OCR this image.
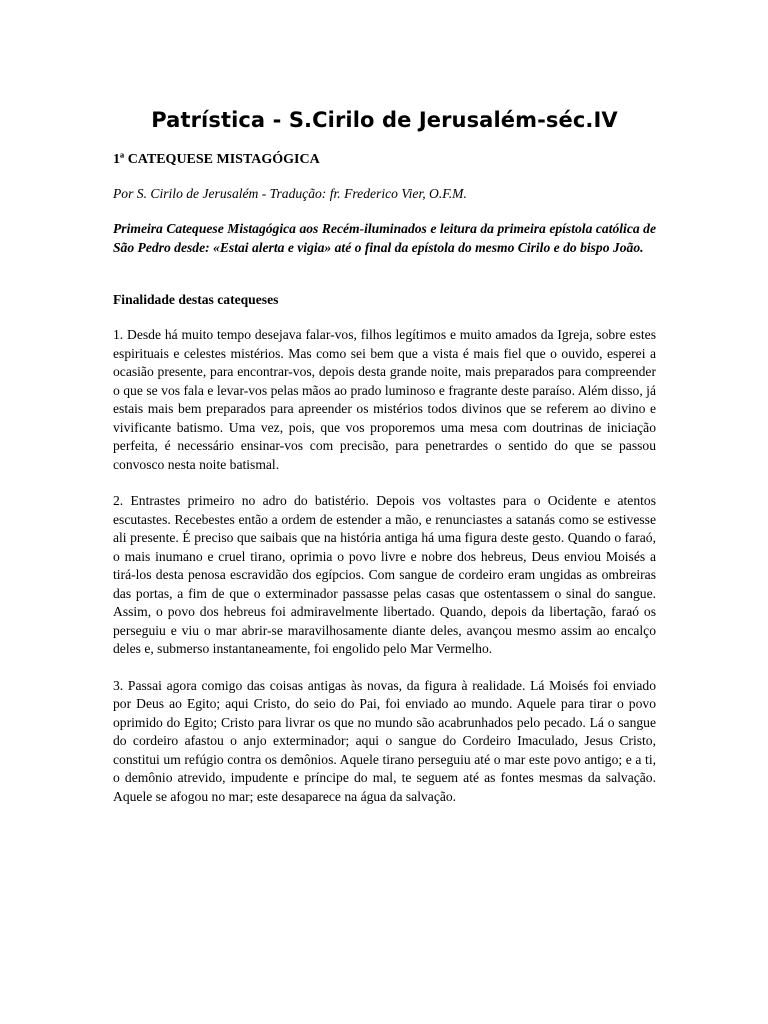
Patrística - S.Cirilo de Jerusalém-séc.IV
1ª CATEQUESE MISTAGÓGICA
Por S. Cirilo de Jerusalém - Tradução: fr. Frederico Vier, O.F.M.
Primeira Catequese Mistagógica aos Recém-iluminados e leitura da primeira epístola católica de São Pedro desde: «Estai alerta e vigia» até o final da epístola do mesmo Cirilo e do bispo João.
Finalidade destas catequeses

1. Desde há muito tempo desejava falar-vos, filhos legítimos e muito amados da Igreja, sobre estes espirituais e celestes mistérios. Mas como sei bem que a vista é mais fiel que o ouvido, esperei a ocasião presente, para encontrar-vos, depois desta grande noite, mais preparados para compreender o que se vos fala e levar-vos pelas mãos ao prado luminoso e fragrante deste paraíso. Além disso, já estais mais bem preparados para apreender os mistérios todos divinos que se referem ao divino e vivificante batismo. Uma vez, pois, que vos proporemos uma mesa com doutrinas de iniciação perfeita, é necessário ensinar-vos com precisão, para penetrardes o sentido do que se passou convosco nesta noite batismal.

2. Entrastes primeiro no adro do batistério. Depois vos voltastes para o Ocidente e atentos escutastes. Recebestes então a ordem de estender a mão, e renunciastes a satanás como se estivesse ali presente. É preciso que saibais que na história antiga há uma figura deste gesto. Quando o faraó, o mais inumano e cruel tirano, oprimia o povo livre e nobre dos hebreus, Deus enviou Moisés a tirá-los desta penosa escravidão dos egípcios. Com sangue de cordeiro eram ungidas as ombreiras das portas, a fim de que o exterminador passasse pelas casas que ostentassem o sinal do sangue. Assim, o povo dos hebreus foi admiravelmente libertado. Quando, depois da libertação, faraó os perseguiu e viu o mar abrir-se maravilhosamente diante deles, avançou mesmo assim ao encalço deles e, submerso instantaneamente, foi engolido pelo Mar Vermelho.

3. Passai agora comigo das coisas antigas às novas, da figura à realidade. Lá Moisés foi enviado por Deus ao Egito; aqui Cristo, do seio do Pai, foi enviado ao mundo. Aquele para tirar o povo oprimido do Egito; Cristo para livrar os que no mundo são acabrunhados pelo pecado. Lá o sangue do cordeiro afastou o anjo exterminador; aqui o sangue do Cordeiro Imaculado, Jesus Cristo, constitui um refúgio contra os demônios. Aquele tirano perseguiu até o mar este povo antigo; e a ti, o demônio atrevido, impudente e príncipe do mal, te seguem até as fontes mesmas da salvação. Aquele se afogou no mar; este desaparece na água da salvação.
